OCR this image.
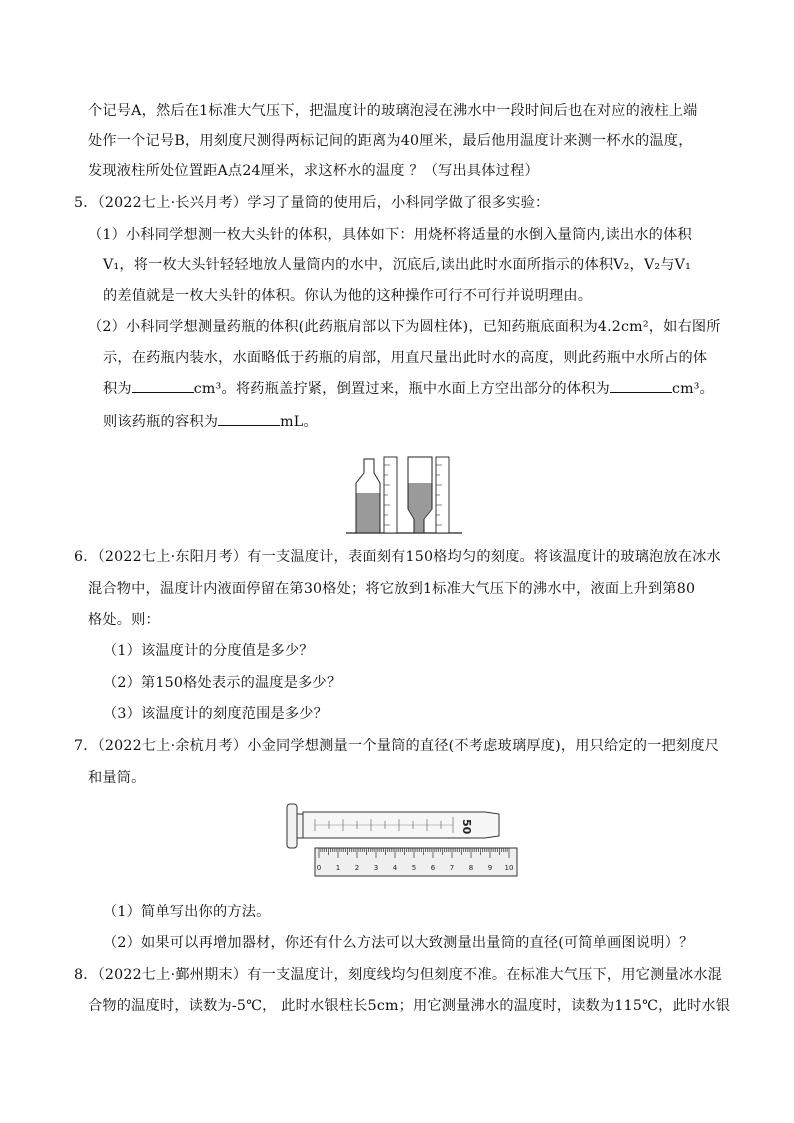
个记号A，然后在1标准大气压下，把温度计的玻璃泡浸在沸水中一段时间后也在对应的液柱上端
处作一个记号B，用刻度尺测得两标记间的距离为40厘米，最后他用温度计来测一杯水的温度，
发现液柱所处位置距A点24厘米，求这杯水的温度 ？（写出具体过程）
5．（2022七上·长兴月考）学习了量筒的使用后，小科同学做了很多实验：
（1）小科同学想测一枚大头针的体积，具体如下：用烧杯将适量的水倒入量筒内,读出水的体积
V₁，将一枚大头针轻轻地放人量筒内的水中，沉底后,读出此时水面所指示的体积V₂，V₂与V₁
的差值就是一枚大头针的体积。你认为他的这种操作可行不可行并说明理由。
（2）小科同学想测量药瓶的体积(此药瓶肩部以下为圆柱体)，已知药瓶底面积为4.2cm²，如右图所
示，在药瓶内装水，水面略低于药瓶的肩部，用直尺量出此时水的高度，则此药瓶中水所占的体
积为	cm³。将药瓶盖拧紧，倒置过来，瓶中水面上方空出部分的体积为	cm³。
则该药瓶的容积为	mL。
6．（2022七上·东阳月考）有一支温度计，表面刻有150格均匀的刻度。将该温度计的玻璃泡放在冰水
混合物中，温度计内液面停留在第30格处；将它放到1标准大气压下的沸水中，液面上升到第80
格处。则：
（1）该温度计的分度值是多少？
（2）第150格处表示的温度是多少？
（3）该温度计的刻度范围是多少？
7．（2022七上·余杭月考）小金同学想测量一个量筒的直径(不考虑玻璃厚度)，用只给定的一把刻度尺
和量筒。
50
0 1 2 3 4 5 6 7 8 9 10
（1）简单写出你的方法。
（2）如果可以再增加器材，你还有什么方法可以大致测量出量筒的直径(可简单画图说明）？
8．（2022七上·鄞州期末）有一支温度计，刻度线均匀但刻度不准。在标准大气压下，用它测量冰水混
合物的温度时，读数为-5℃， 此时水银柱长5cm；用它测量沸水的温度时，读数为115℃，此时水银
